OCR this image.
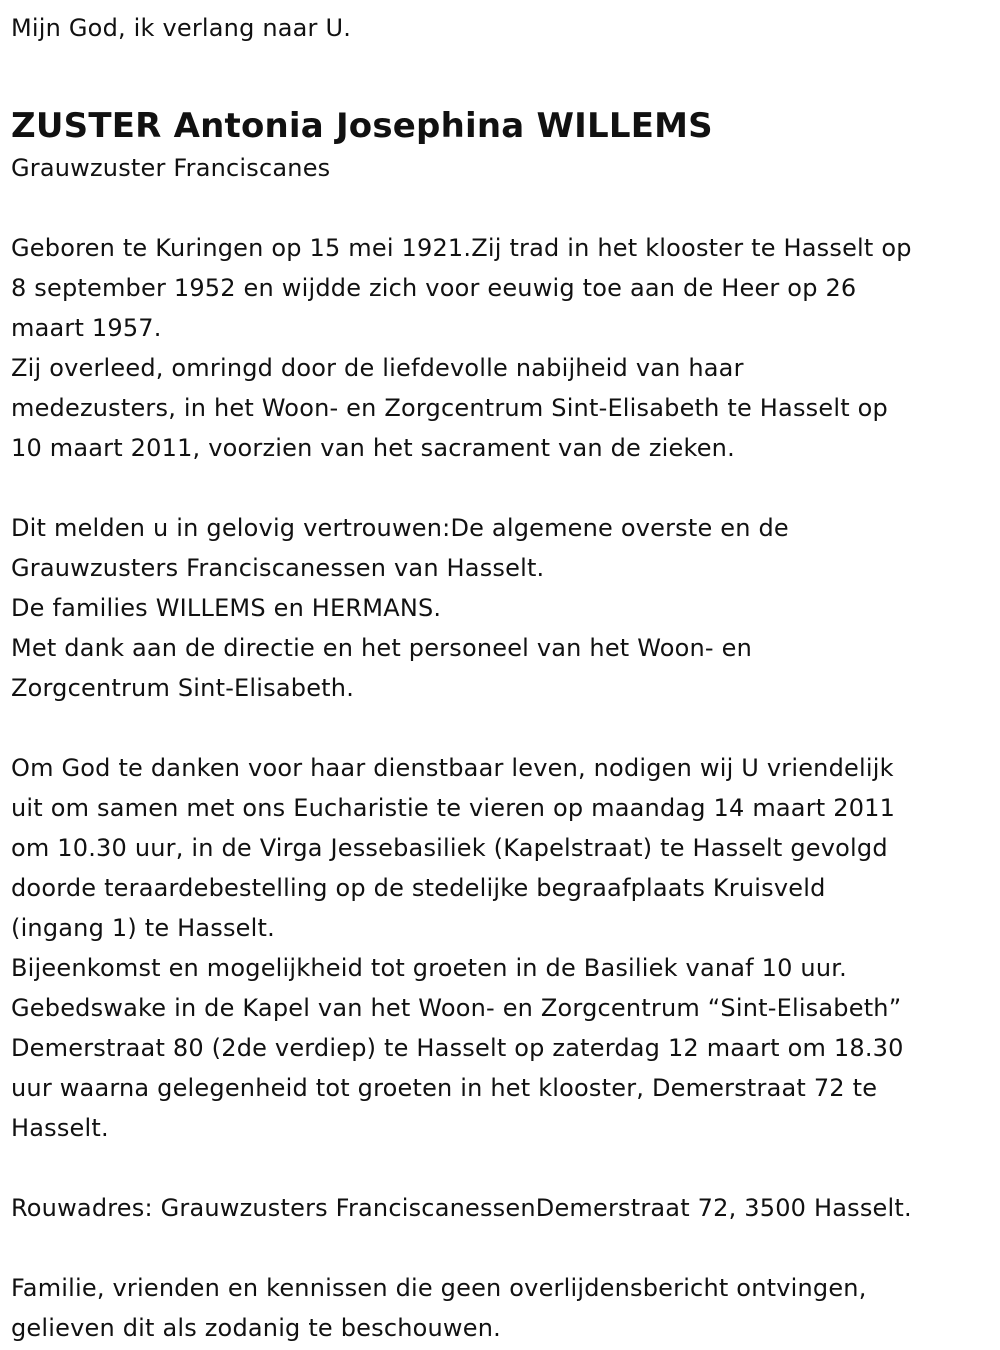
Mijn God, ik verlang naar U.
ZUSTER Antonia Josephina WILLEMS
Grauwzuster Franciscanes
Geboren te Kuringen op 15 mei 1921.Zij trad in het klooster te Hasselt op
8 september 1952 en wijdde zich voor eeuwig toe aan de Heer op 26
maart 1957.
Zij overleed, omringd door de liefdevolle nabijheid van haar
medezusters, in het Woon- en Zorgcentrum Sint-Elisabeth te Hasselt op
10 maart 2011, voorzien van het sacrament van de zieken.
Dit melden u in gelovig vertrouwen:De algemene overste en de
Grauwzusters Franciscanessen van Hasselt.
De families WILLEMS en HERMANS.
Met dank aan de directie en het personeel van het Woon- en
Zorgcentrum Sint-Elisabeth.
Om God te danken voor haar dienstbaar leven, nodigen wij U vriendelijk
uit om samen met ons Eucharistie te vieren op maandag 14 maart 2011
om 10.30 uur, in de Virga Jessebasiliek (Kapelstraat) te Hasselt gevolgd
doorde teraardebestelling op de stedelijke begraafplaats Kruisveld
(ingang 1) te Hasselt.
Bijeenkomst en mogelijkheid tot groeten in de Basiliek vanaf 10 uur.
Gebedswake in de Kapel van het Woon- en Zorgcentrum “Sint-Elisabeth”
Demerstraat 80 (2de verdiep) te Hasselt op zaterdag 12 maart om 18.30
uur waarna gelegenheid tot groeten in het klooster, Demerstraat 72 te
Hasselt.
Rouwadres: Grauwzusters FranciscanessenDemerstraat 72, 3500 Hasselt.
Familie, vrienden en kennissen die geen overlijdensbericht ontvingen,
gelieven dit als zodanig te beschouwen.
